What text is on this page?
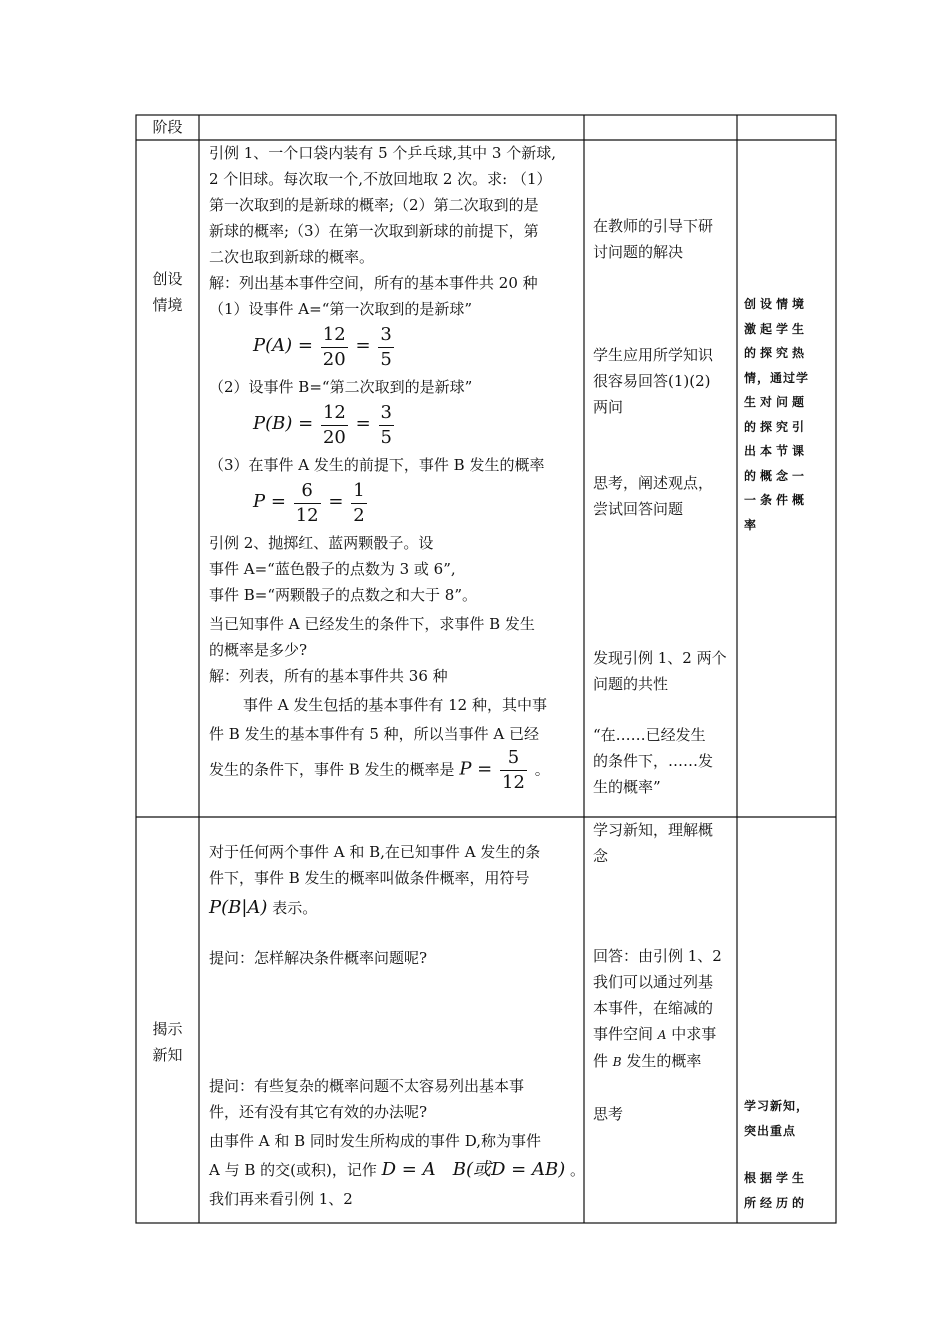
阶段
创设
情境
引例 1、一个口袋内装有 5 个乒乓球,其中 3 个新球,
2 个旧球。每次取一个,不放回地取 2 次。求: （1）
第一次取到的是新球的概率;（2）第二次取到的是
新球的概率;（3）在第一次取到新球的前提下，第
二次也取到新球的概率。
解：列出基本事件空间，所有的基本事件共 20 种
（1）设事件 A=“第一次取到的是新球”
$P(A) = \frac{12}{20} = \frac{3}{5}$
（2）设事件 B=“第二次取到的是新球”
$P(B) = \frac{12}{20} = \frac{3}{5}$
（3）在事件 A 发生的前提下，事件 B 发生的概率
$P = \frac{6}{12} = \frac{1}{2}$
引例 2、抛掷红、蓝两颗骰子。设
事件 A=“蓝色骰子的点数为 3 或 6”,
事件 B=“两颗骰子的点数之和大于 8”。
当已知事件 A 已经发生的条件下，求事件 B 发生
的概率是多少?
解：列表，所有的基本事件共 36 种
事件 A 发生包括的基本事件有 12 种，其中事
件 B 发生的基本事件有 5 种，所以当事件 A 已经
发生的条件下，事件 B 发生的概率是 $P = \frac{5}{12}$ 。
在教师的引导下研
讨问题的解决
学生应用所学知识
很容易回答(1)(2)
两问
思考，阐述观点，
尝试回答问题
发现引例 1、2 两个
问题的共性
“在……已经发生
的条件下，……发
生的概率”
创设情境
激起学生
的探究热
情，通过学
生对问题
的探究引
出本节课
的概念一
一条件概
率
揭示
新知
对于任何两个事件 A 和 B,在已知事件 A 发生的条
件下，事件 B 发生的概率叫做条件概率，用符号
P(B|A) 表示。
提问：怎样解决条件概率问题呢?
提问：有些复杂的概率问题不太容易列出基本事
件，还有没有其它有效的办法呢?
由事件 A 和 B 同时发生所构成的事件 D,称为事件
A 与 B 的交(或积)，记作 D = A   B(或D = AB) 。
我们再来看引例 1、2
学习新知，理解概
念
回答：由引例 1、2
我们可以通过列基
本事件，在缩减的
事件空间 A 中求事
件 B 发生的概率
思考	学习新知，
突出重点
根据学生
所经历的
